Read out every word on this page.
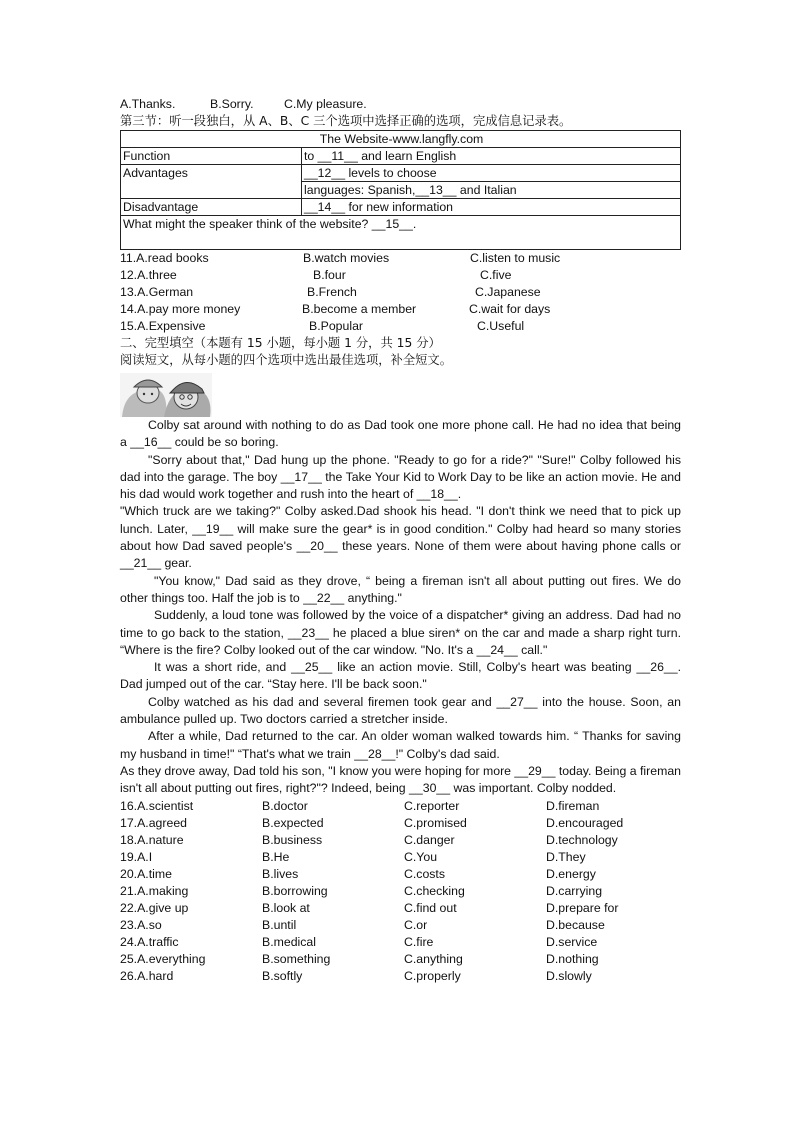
A.Thanks.	B.Sorry. C.My pleasure.
第三节：听一段独白，从 A、B、C 三个选项中选择正确的选项，完成信息记录表。
The Website-www.langfly.com	
Function	to __11__ and learn English
Advantages	__12__ levels to choose
	languages: Spanish,__13__ and Italian
Disadvantage	__14__ for new information
What might the speaker think of the website? __15__.	
11.A.read books	B.watch movies	C.listen to music
12.A.three	B.four	C.five
13.A.German	B.French	C.Japanese
14.A.pay more money	B.become a member	C.wait for days
15.A.Expensive	B.Popular	C.Useful
二、完型填空（本题有 15 小题，每小题 1 分，共 15 分）
阅读短文，从每小题的四个选项中选出最佳选项，补全短文。

Colby sat around with nothing to do as Dad took one more phone call. He had no idea that being a __16__ could be so boring.

"Sorry about that," Dad hung up the phone. "Ready to go for a ride?" "Sure!" Colby followed his dad into the garage. The boy __17__ the Take Your Kid to Work Day to be like an action movie. He and his dad would work together and rush into the heart of __18__.

"Which truck are we taking?" Colby asked.Dad shook his head. "I don't think we need that to pick up lunch. Later, __19__ will make sure the gear* is in good condition." Colby had heard so many stories about how Dad saved people's __20__ these years. None of them were about having phone calls or __21__ gear.

"You know," Dad said as they drove, “ being a fireman isn't all about putting out fires. We do other things too. Half the job is to __22__ anything."

Suddenly, a loud tone was followed by the voice of a dispatcher* giving an address. Dad had no time to go back to the station, __23__ he placed a blue siren* on the car and made a sharp right turn. “Where is the fire? Colby looked out of the car window. "No. It's a __24__ call."

It was a short ride, and __25__ like an action movie. Still, Colby's heart was beating __26__. Dad jumped out of the car. “Stay here. I'll be back soon."

Colby watched as his dad and several firemen took gear and __27__ into the house. Soon, an ambulance pulled up. Two doctors carried a stretcher inside.

After a while, Dad returned to the car. An older woman walked towards him. “ Thanks for saving my husband in time!" “That's what we train __28__!" Colby's dad said.

As they drove away, Dad told his son, "I know you were hoping for more __29__ today. Being a fireman isn't all about putting out fires, right?"? Indeed, being __30__ was important. Colby nodded.

16.A.scientist	B.doctor	C.reporter	D.fireman
17.A.agreed	B.expected	C.promised	D.encouraged
18.A.nature	B.business	C.danger	D.technology
19.A.I	B.He	C.You	D.They
20.A.time	B.lives	C.costs	D.energy
21.A.making	B.borrowing	C.checking	D.carrying
22.A.give up	B.look at	C.find out	D.prepare for
23.A.so	B.until	C.or	D.because
24.A.traffic	B.medical	C.fire	D.service
25.A.everything	B.something	C.anything	D.nothing
26.A.hard	B.softly	C.properly	D.slowly
